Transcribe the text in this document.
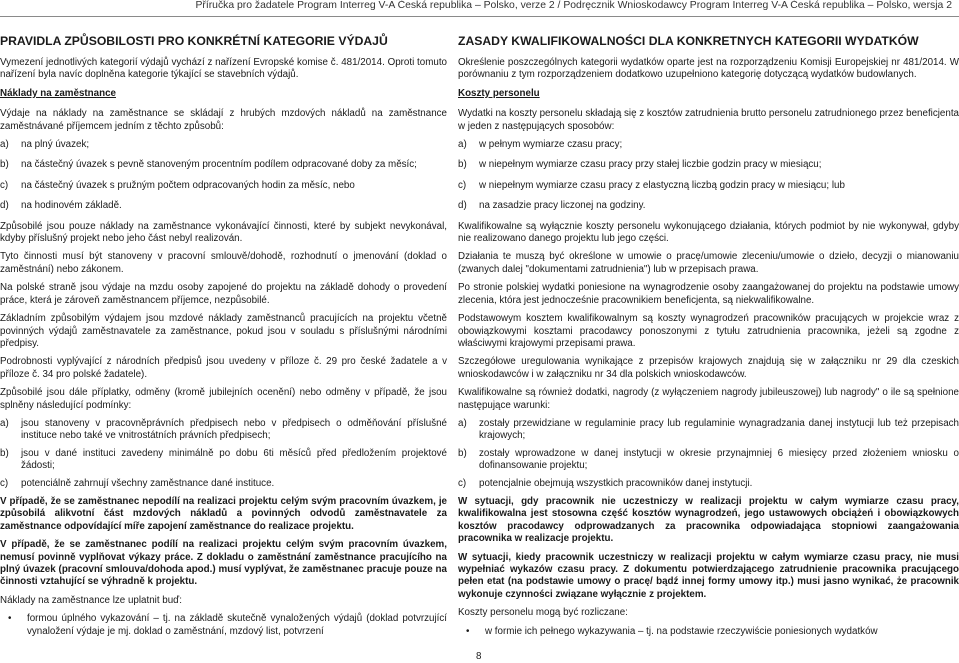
Příručka pro žadatele Program Interreg V-A Česká republika – Polsko, verze 2 / Podręcznik Wnioskodawcy Program Interreg V-A Česká republika – Polsko, wersja 2
PRAVIDLA ZPŮSOBILOSTI PRO KONKRÉTNÍ KATEGORIE VÝDAJŮ

Vymezení jednotlivých kategorií výdajů vychází z nařízení Evropské komise č. 481/2014. Oproti tomuto nařízení byla navíc doplněna kategorie týkající se stavebních výdajů.

Náklady na zaměstnance

Výdaje na náklady na zaměstnance se skládají z hrubých mzdových nákladů na zaměstnance zaměstnávané příjemcem jedním z těchto způsobů:

a)	na plný úvazek;
b)	na částečný úvazek s pevně stanoveným procentním podílem odpracované doby za měsíc;
c)	na částečný úvazek s pružným počtem odpracovaných hodin za měsíc, nebo
d)	na hodinovém základě.

Způsobilé jsou pouze náklady na zaměstnance vykonávající činnosti, které by subjekt nevykonával, kdyby příslušný projekt nebo jeho část nebyl realizován.

Tyto činnosti musí být stanoveny v pracovní smlouvě/dohodě, rozhodnutí o jmenování (doklad o zaměstnání) nebo zákonem.

Na polské straně jsou výdaje na mzdu osoby zapojené do projektu na základě dohody o provedení práce, která je zároveň zaměstnancem příjemce, nezpůsobilé.

Základním způsobilým výdajem jsou mzdové náklady zaměstnanců pracujících na projektu včetně povinných výdajů zaměstnavatele za zaměstnance, pokud jsou v souladu s příslušnými národními předpisy.

Podrobnosti vyplývající z národních předpisů jsou uvedeny v příloze č. 29 pro české žadatele a v příloze č. 34 pro polské žadatele).

Způsobilé jsou dále příplatky, odměny (kromě jubilejních ocenění) nebo odměny v případě, že jsou splněny následující podmínky:

a)	jsou stanoveny v pracovněprávních předpisech nebo v předpisech o odměňování příslušné instituce nebo také ve vnitrostátních právních předpisech;
b)	jsou v dané instituci zavedeny minimálně po dobu 6ti měsíců před předložením projektové žádosti;
c)	potenciálně zahrnují všechny zaměstnance dané instituce.

V případě, že se zaměstnanec nepodílí na realizaci projektu celým svým pracovním úvazkem, je způsobilá alikvotní část mzdových nákladů a povinných odvodů zaměstnavatele za zaměstnance odpovídající míře zapojení zaměstnance do realizace projektu.

V případě, že se zaměstnanec podílí na realizaci projektu celým svým pracovním úvazkem, nemusí povinně vyplňovat výkazy práce. Z dokladu o zaměstnání zaměstnance pracujícího na plný úvazek (pracovní smlouva/dohoda apod.) musí vyplývat, že zaměstnanec pracuje pouze na činnosti vztahující se výhradně k projektu.

Náklady na zaměstnance lze uplatnit buď:

•	formou úplného vykazování – tj. na základě skutečně vynaložených výdajů (doklad potvrzující vynaložení výdaje je mj. doklad o zaměstnání, mzdový list, potvrzení
ZASADY KWALIFIKOWALNOŚCI DLA KONKRETNYCH KATEGORII WYDATKÓW

Określenie poszczególnych kategorii wydatków oparte jest na rozporządzeniu Komisji Europejskiej nr 481/2014. W porównaniu z tym rozporządzeniem dodatkowo uzupełniono kategorię dotyczącą wydatków budowlanych.

Koszty personelu

Wydatki na koszty personelu składają się z kosztów zatrudnienia brutto personelu zatrudnionego przez beneficjenta w jeden z następujących sposobów:

a)	w pełnym wymiarze czasu pracy;
b)	w niepełnym wymiarze czasu pracy przy stałej liczbie godzin pracy w miesiącu;
c)	w niepełnym wymiarze czasu pracy z elastyczną liczbą godzin pracy w miesiącu; lub
d)	na zasadzie pracy liczonej na godziny.

Kwalifikowalne są wyłącznie koszty personelu wykonującego działania, których podmiot by nie wykonywał, gdyby nie realizowano danego projektu lub jego części.

Działania te muszą być określone w umowie o pracę/umowie zleceniu/umowie o dzieło, decyzji o mianowaniu (zwanych dalej "dokumentami zatrudnienia") lub w przepisach prawa.

Po stronie polskiej wydatki poniesione na wynagrodzenie osoby zaangażowanej do projektu na podstawie umowy zlecenia, która jest jednocześnie pracownikiem beneficjenta, są niekwalifikowalne.

Podstawowym kosztem kwalifikowalnym są koszty wynagrodzeń pracowników pracujących w projekcie wraz z obowiązkowymi kosztami pracodawcy ponoszonymi z tytułu zatrudnienia pracownika, jeżeli są zgodne z właściwymi krajowymi przepisami prawa.

Szczegółowe uregulowania wynikające z przepisów krajowych znajdują się w załączniku nr 29 dla czeskich wnioskodawców i w załączniku nr 34 dla polskich wnioskodawców.

Kwalifikowalne są również dodatki, nagrody (z wyłączeniem nagrody jubileuszowej) lub nagrody" o ile są spełnione następujące warunki:

a)	zostały przewidziane w regulaminie pracy lub regulaminie wynagradzania danej instytucji lub też przepisach krajowych;
b)	zostały wprowadzone w danej instytucji w okresie przynajmniej 6 miesięcy przed złożeniem wniosku o dofinansowanie projektu;
c)	potencjalnie obejmują wszystkich pracowników danej instytucji.

W sytuacji, gdy pracownik nie uczestniczy w realizacji projektu w całym wymiarze czasu pracy, kwalifikowalna jest stosowna część kosztów wynagrodzeń, jego ustawowych obciążeń i obowiązkowych kosztów pracodawcy odprowadzanych za pracownika odpowiadająca stopniowi zaangażowania pracownika w realizacje projektu.

W sytuacji, kiedy pracownik uczestniczy w realizacji projektu w całym wymiarze czasu pracy, nie musi wypełniać wykazów czasu pracy. Z dokumentu potwierdzającego zatrudnienie pracownika pracującego pełen etat (na podstawie umowy o pracę/ bądź innej formy umowy itp.) musi jasno wynikać, że pracownik wykonuje czynności związane wyłącznie z projektem.

Koszty personelu mogą być rozliczane:

•	w formie ich pełnego wykazywania – tj. na podstawie rzeczywiście poniesionych wydatków
8
